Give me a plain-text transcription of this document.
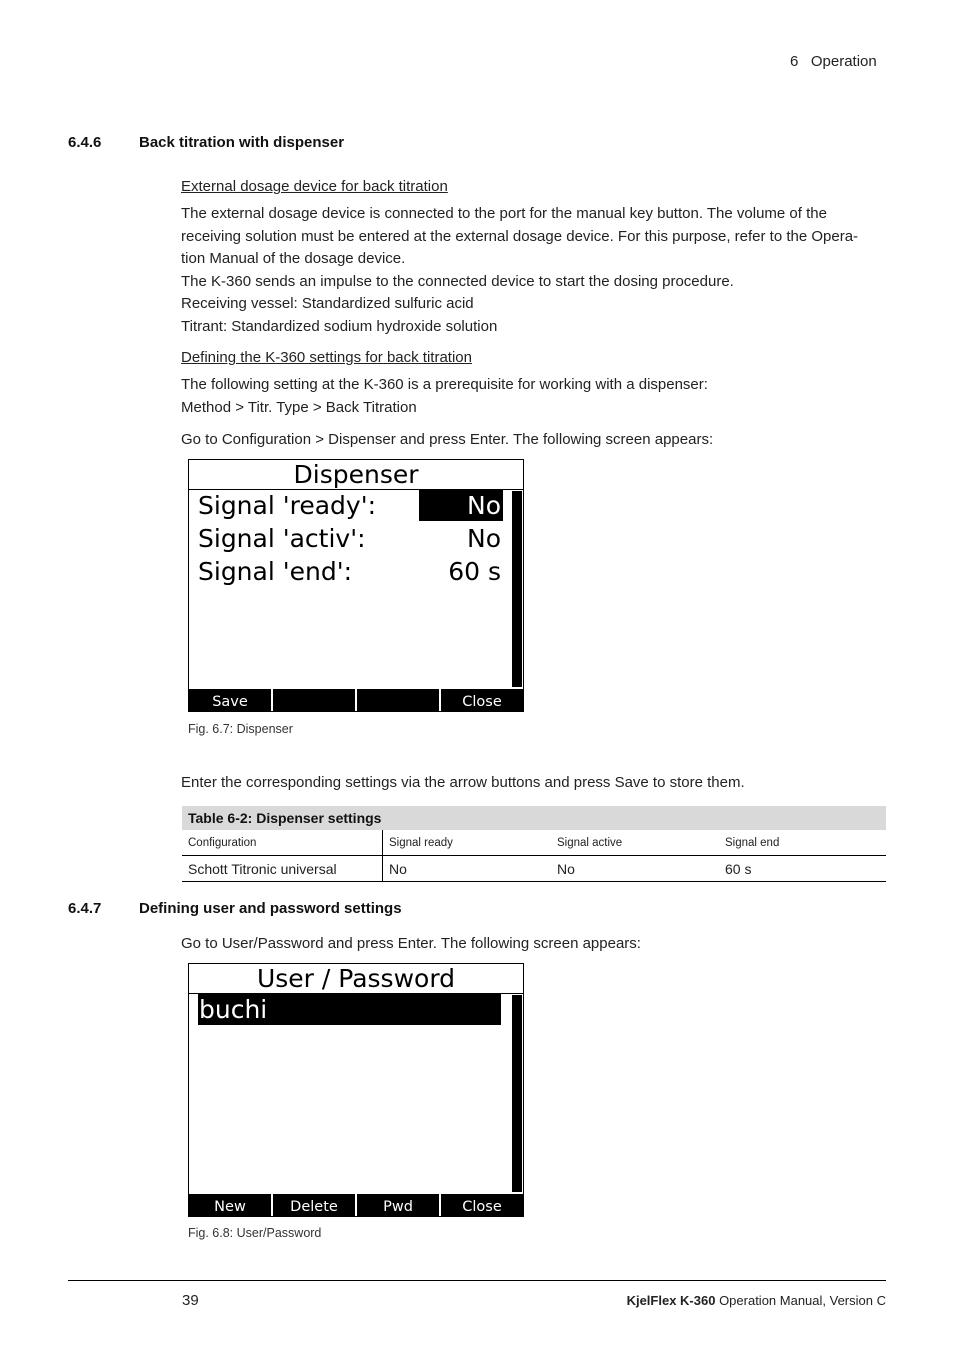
6 Operation
6.4.6	Back titration with dispenser
External dosage device for back titration
The external dosage device is connected to the port for the manual key button. The volume of the
receiving solution must be entered at the external dosage device. For this purpose, refer to the Opera-
tion Manual of the dosage device.
The K-360 sends an impulse to the connected device to start the dosing procedure.
Receiving vessel: Standardized sulfuric acid
Titrant: Standardized sodium hydroxide solution
Defining the K-360 settings for back titration
The following setting at the K-360 is a prerequisite for working with a dispenser:
Method > Titr. Type > Back Titration
Go to Configuration > Dispenser and press Enter. The following screen appears:
Dispenser
Signal 'ready':	No
Signal 'activ':	No
Signal 'end':	60 s
Save	Close
Fig. 6.7: Dispenser
Enter the corresponding settings via the arrow buttons and press Save to store them.
Table 6-2: Dispenser settings
Configuration	Signal ready	Signal active	Signal end
Schott Titronic universal	No	No	60 s
6.4.7	Defining user and password settings
Go to User/Password and press Enter. The following screen appears:
User / Password
buchi
New	Delete	Pwd	Close
Fig. 6.8: User/Password
39	KjelFlex K-360 Operation Manual, Version C
